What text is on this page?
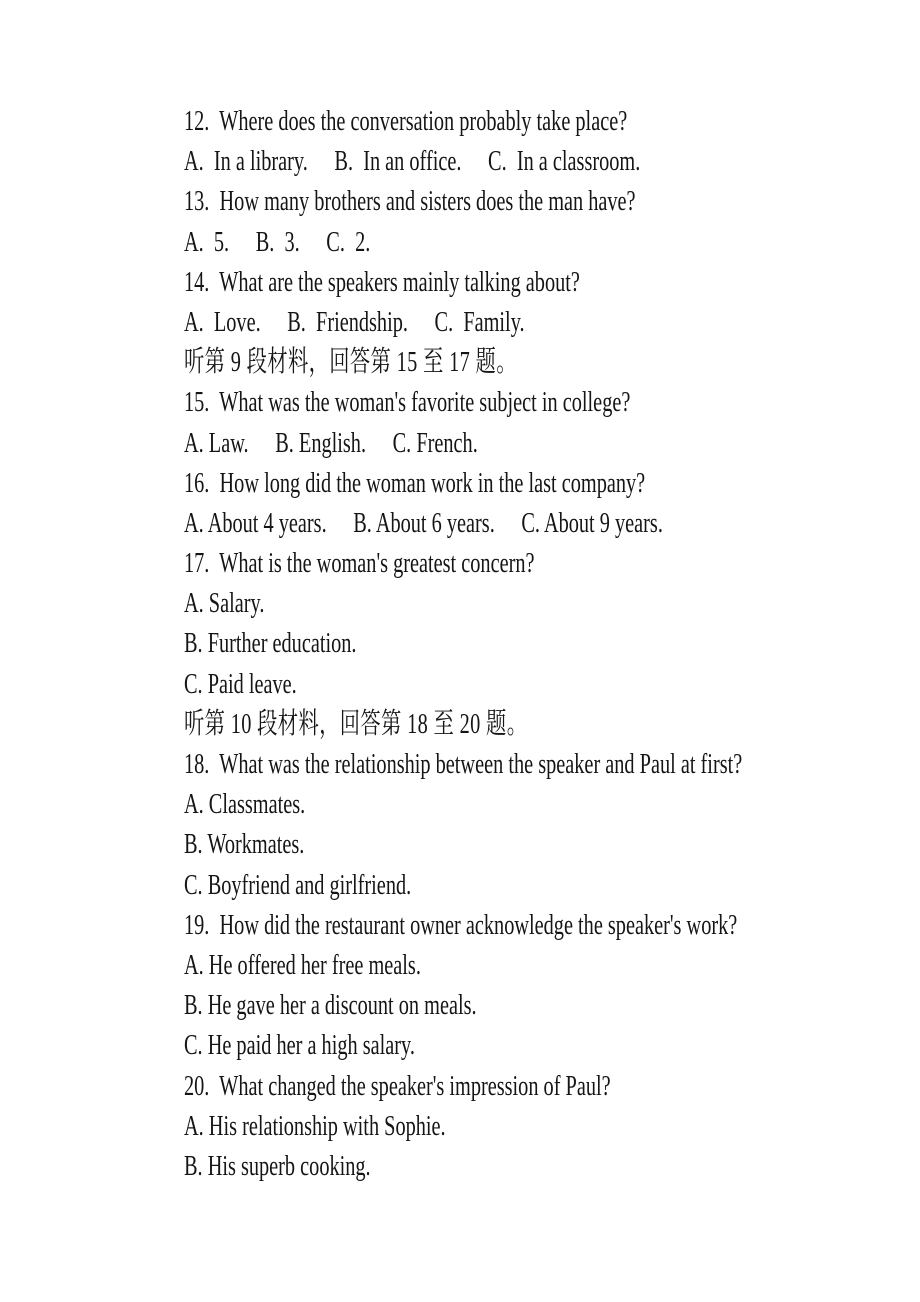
12.  Where does the conversation probably take place?
A.  In a library. B.  In an office. C.  In a classroom.
13.  How many brothers and sisters does the man have?
A.  5. B.  3. C.  2.
14.  What are the speakers mainly talking about?
A.  Love. B.  Friendship. C.  Family.
听第 9 段材料，回答第 15 至 17 题。
15.  What was the woman's favorite subject in college?
A. Law. B. English. C. French.
16.  How long did the woman work in the last company?
A. About 4 years. B. About 6 years. C. About 9 years.
17.  What is the woman's greatest concern?
A. Salary.
B. Further education.
C. Paid leave.
听第 10 段材料，回答第 18 至 20 题。
18.  What was the relationship between the speaker and Paul at first?
A. Classmates.
B. Workmates.
C. Boyfriend and girlfriend.
19.  How did the restaurant owner acknowledge the speaker's work?
A. He offered her free meals.
B. He gave her a discount on meals.
C. He paid her a high salary.
20.  What changed the speaker's impression of Paul?
A. His relationship with Sophie.
B. His superb cooking.
